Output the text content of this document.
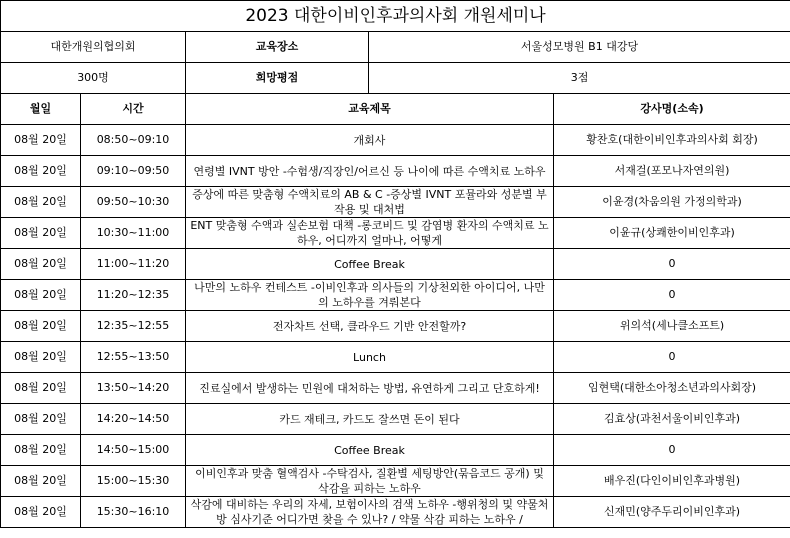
2023 대한이비인후과의사회 개원세미나				
대한개원의협의회		교육장소	서울성모병원 B1 대강당	
300명		희망평점	3점	
월일	시간	교육제목		강사명(소속)
08월 20일	08:50~09:10	개회사		황찬호(대한이비인후과의사회 회장)
08월 20일	09:10~09:50	연령별 IVNT 방안 -수험생/직장인/어르신 등 나이에 따른 수액치료 노하우		서재걸(포모나자연의원)
08월 20일	09:50~10:30	증상에 따른 맞춤형 수액치료의 AB & C -증상별 IVNT 포뮬라와 성분별 부작용 및 대처법		이윤경(차움의원 가정의학과)
08월 20일	10:30~11:00	ENT 맞춤형 수액과 실손보험 대책 -롱코비드 및 감염병 환자의 수액치료 노하우, 어디까지 얼마나, 어떻게		이윤규(상쾌한이비인후과)
08월 20일	11:00~11:20	Coffee Break		0
08월 20일	11:20~12:35	나만의 노하우 컨테스트 -이비인후과 의사들의 기상천외한 아이디어, 나만의 노하우를 겨뤄본다		0
08월 20일	12:35~12:55	전자차트 선택, 클라우드 기반 안전할까?		위의석(세나클소프트)
08월 20일	12:55~13:50	Lunch		0
08월 20일	13:50~14:20	진료실에서 발생하는 민원에 대처하는 방법, 유연하게 그리고 단호하게!		임현택(대한소아청소년과의사회장)
08월 20일	14:20~14:50	카드 재테크, 카드도 잘쓰면 돈이 된다		김효상(과천서울이비인후과)
08월 20일	14:50~15:00	Coffee Break		0
08월 20일	15:00~15:30	이비인후과 맞춤 혈액검사 -수탁검사, 질환별 세팅방안(묶음코드 공개) 및 삭감을 피하는 노하우		배우진(다인이비인후과병원)
08월 20일	15:30~16:10	삭감에 대비하는 우리의 자세, 보험이사의 검색 노하우 -행위청의 및 약물처방 심사기준 어디가면 찾을 수 있나? / 약물 삭감 피하는 노하우 /		신재민(양주두리이비인후과)
